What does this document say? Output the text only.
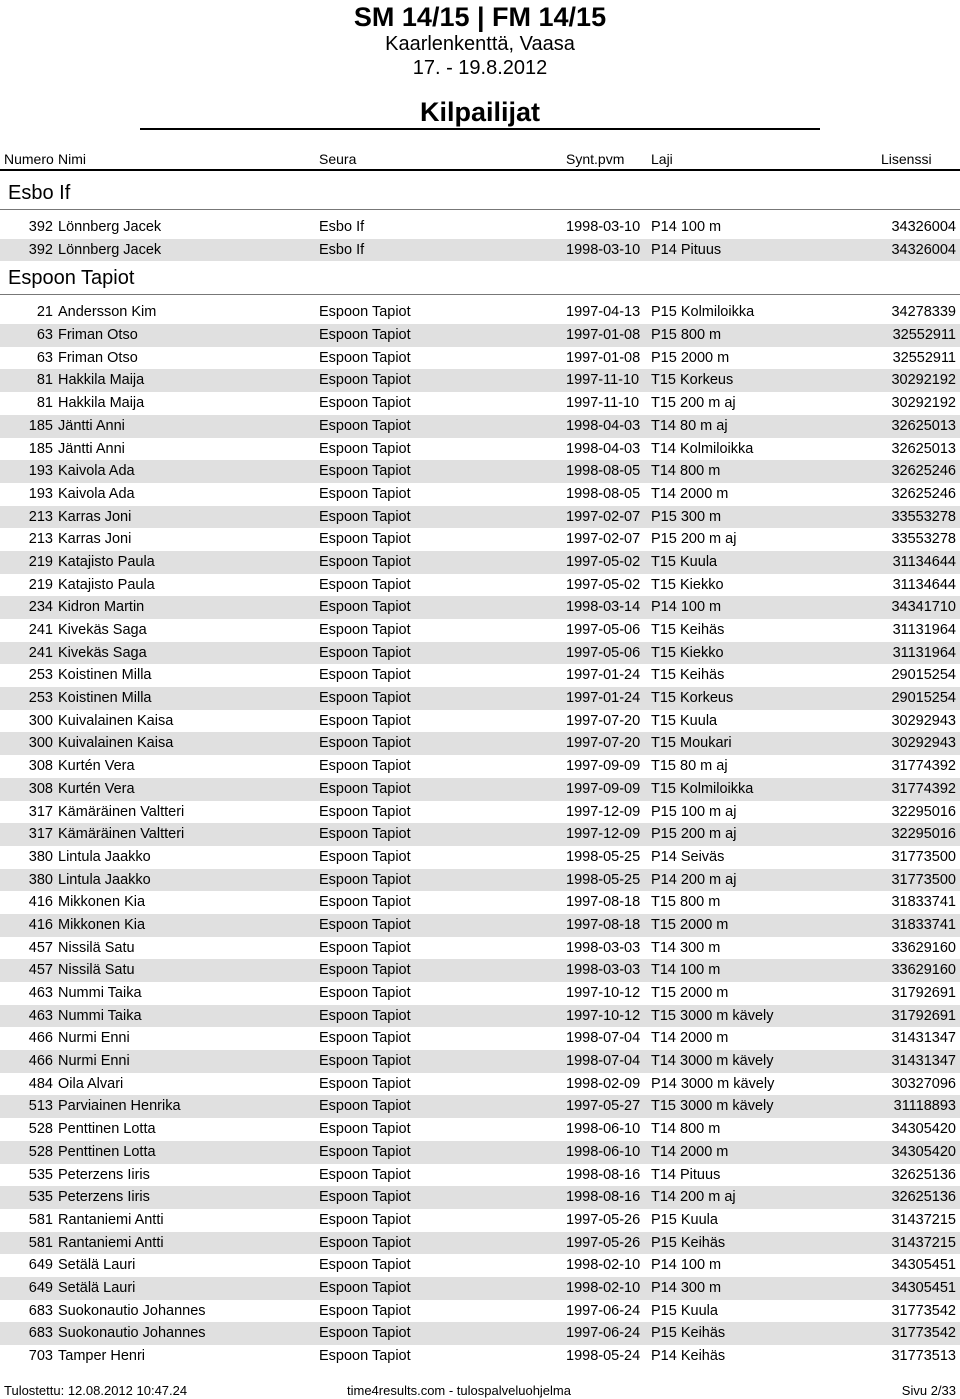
SM 14/15 | FM 14/15
Kaarlenkenttä, Vaasa
17. - 19.8.2012
Kilpailijat
Numero Nimi	Seura	Synt.pvm Laji	Lisenssi
Esbo If
392 Lönnberg Jacek	Esbo If	1998-03-10 P14 100 m	34326004
392 Lönnberg Jacek	Esbo If	1998-03-10 P14 Pituus	34326004
Espoon Tapiot
21 Andersson Kim	Espoon Tapiot	1997-04-13 P15 Kolmiloikka	34278339
63 Friman Otso	Espoon Tapiot	1997-01-08 P15 800 m	32552911
63 Friman Otso	Espoon Tapiot	1997-01-08 P15 2000 m	32552911
81 Hakkila Maija	Espoon Tapiot	1997-11-10 T15 Korkeus	30292192
81 Hakkila Maija	Espoon Tapiot	1997-11-10 T15 200 m aj	30292192
185 Jäntti Anni	Espoon Tapiot	1998-04-03 T14 80 m aj	32625013
185 Jäntti Anni	Espoon Tapiot	1998-04-03 T14 Kolmiloikka	32625013
193 Kaivola Ada	Espoon Tapiot	1998-08-05 T14 800 m	32625246
193 Kaivola Ada	Espoon Tapiot	1998-08-05 T14 2000 m	32625246
213 Karras Joni	Espoon Tapiot	1997-02-07 P15 300 m	33553278
213 Karras Joni	Espoon Tapiot	1997-02-07 P15 200 m aj	33553278
219 Katajisto Paula	Espoon Tapiot	1997-05-02 T15 Kuula	31134644
219 Katajisto Paula	Espoon Tapiot	1997-05-02 T15 Kiekko	31134644
234 Kidron Martin	Espoon Tapiot	1998-03-14 P14 100 m	34341710
241 Kivekäs Saga	Espoon Tapiot	1997-05-06 T15 Keihäs	31131964
241 Kivekäs Saga	Espoon Tapiot	1997-05-06 T15 Kiekko	31131964
253 Koistinen Milla	Espoon Tapiot	1997-01-24 T15 Keihäs	29015254
253 Koistinen Milla	Espoon Tapiot	1997-01-24 T15 Korkeus	29015254
300 Kuivalainen Kaisa	Espoon Tapiot	1997-07-20 T15 Kuula	30292943
300 Kuivalainen Kaisa	Espoon Tapiot	1997-07-20 T15 Moukari	30292943
308 Kurtén Vera	Espoon Tapiot	1997-09-09 T15 80 m aj	31774392
308 Kurtén Vera	Espoon Tapiot	1997-09-09 T15 Kolmiloikka	31774392
317 Kämäräinen Valtteri	Espoon Tapiot	1997-12-09 P15 100 m aj	32295016
317 Kämäräinen Valtteri	Espoon Tapiot	1997-12-09 P15 200 m aj	32295016
380 Lintula Jaakko	Espoon Tapiot	1998-05-25 P14 Seiväs	31773500
380 Lintula Jaakko	Espoon Tapiot	1998-05-25 P14 200 m aj	31773500
416 Mikkonen Kia	Espoon Tapiot	1997-08-18 T15 800 m	31833741
416 Mikkonen Kia	Espoon Tapiot	1997-08-18 T15 2000 m	31833741
457 Nissilä Satu	Espoon Tapiot	1998-03-03 T14 300 m	33629160
457 Nissilä Satu	Espoon Tapiot	1998-03-03 T14 100 m	33629160
463 Nummi Taika	Espoon Tapiot	1997-10-12 T15 2000 m	31792691
463 Nummi Taika	Espoon Tapiot	1997-10-12 T15 3000 m kävely	31792691
466 Nurmi Enni	Espoon Tapiot	1998-07-04 T14 2000 m	31431347
466 Nurmi Enni	Espoon Tapiot	1998-07-04 T14 3000 m kävely	31431347
484 Oila Alvari	Espoon Tapiot	1998-02-09 P14 3000 m kävely	30327096
513 Parviainen Henrika	Espoon Tapiot	1997-05-27 T15 3000 m kävely	31118893
528 Penttinen Lotta	Espoon Tapiot	1998-06-10 T14 800 m	34305420
528 Penttinen Lotta	Espoon Tapiot	1998-06-10 T14 2000 m	34305420
535 Peterzens Iiris	Espoon Tapiot	1998-08-16 T14 Pituus	32625136
535 Peterzens Iiris	Espoon Tapiot	1998-08-16 T14 200 m aj	32625136
581 Rantaniemi Antti	Espoon Tapiot	1997-05-26 P15 Kuula	31437215
581 Rantaniemi Antti	Espoon Tapiot	1997-05-26 P15 Keihäs	31437215
649 Setälä Lauri	Espoon Tapiot	1998-02-10 P14 100 m	34305451
649 Setälä Lauri	Espoon Tapiot	1998-02-10 P14 300 m	34305451
683 Suokonautio Johannes	Espoon Tapiot	1997-06-24 P15 Kuula	31773542
683 Suokonautio Johannes	Espoon Tapiot	1997-06-24 P15 Keihäs	31773542
703 Tamper Henri	Espoon Tapiot	1998-05-24 P14 Keihäs	31773513
Tulostettu: 12.08.2012 10:47.24	time4results.com - tulospalveluohjelma	Sivu 2/33
